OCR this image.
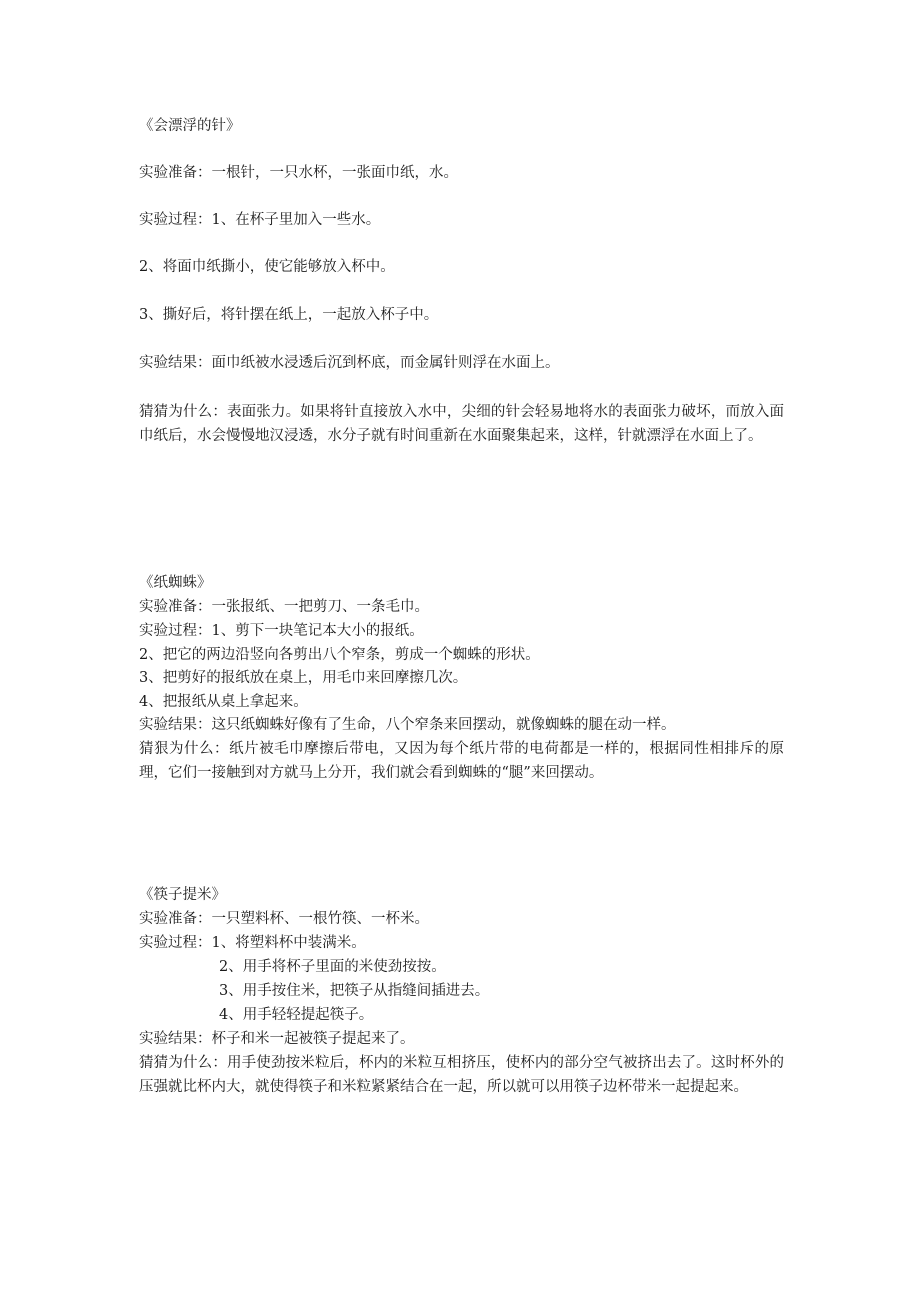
《会漂浮的针》
实验准备：一根针，一只水杯，一张面巾纸，水。
实验过程：1、在杯子里加入一些水。
2、将面巾纸撕小，使它能够放入杯中。
3、撕好后，将针摆在纸上，一起放入杯子中。
实验结果：面巾纸被水浸透后沉到杯底，而金属针则浮在水面上。
猜猜为什么：表面张力。如果将针直接放入水中，尖细的针会轻易地将水的表面张力破坏，而放入面巾纸后，水会慢慢地汉浸透，水分子就有时间重新在水面聚集起来，这样，针就漂浮在水面上了。
《纸蜘蛛》
实验准备：一张报纸、一把剪刀、一条毛巾。
实验过程：1、剪下一块笔记本大小的报纸。
2、把它的两边沿竖向各剪出八个窄条，剪成一个蜘蛛的形状。
3、把剪好的报纸放在桌上，用毛巾来回摩擦几次。
4、把报纸从桌上拿起来。
实验结果：这只纸蜘蛛好像有了生命，八个窄条来回摆动，就像蜘蛛的腿在动一样。
猜狠为什么：纸片被毛巾摩擦后带电，又因为每个纸片带的电荷都是一样的，根据同性相排斥的原理，它们一接触到对方就马上分开，我们就会看到蜘蛛的“腿”来回摆动。
《筷子提米》
实验准备：一只塑料杯、一根竹筷、一杯米。
实验过程：1、将塑料杯中装满米。
2、用手将杯子里面的米使劲按按。
3、用手按住米，把筷子从指缝间插进去。
4、用手轻轻提起筷子。
实验结果：杯子和米一起被筷子提起来了。
猜猜为什么：用手使劲按米粒后，杯内的米粒互相挤压，使杯内的部分空气被挤出去了。这时杯外的压强就比杯内大，就使得筷子和米粒紧紧结合在一起，所以就可以用筷子边杯带米一起提起来。
